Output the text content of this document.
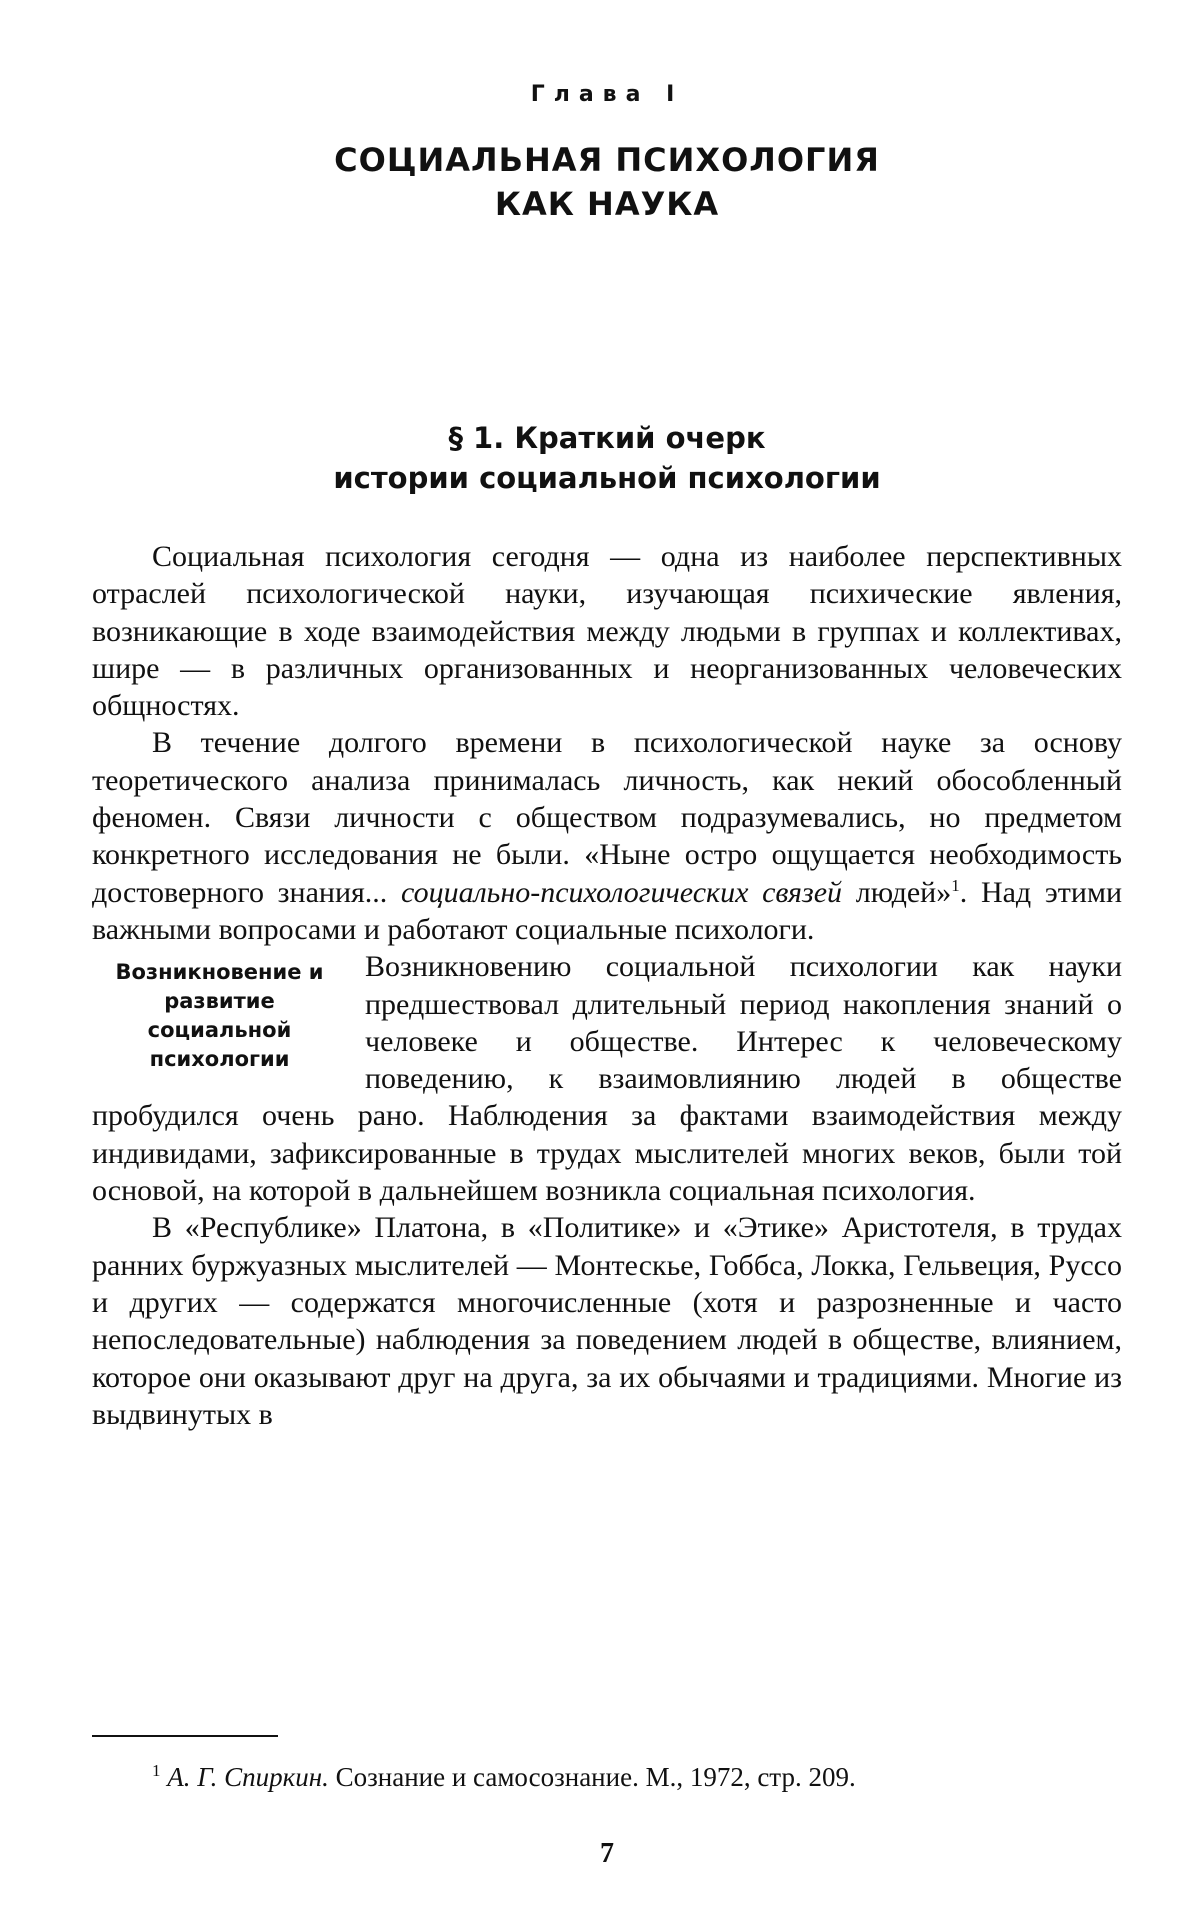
Глава I
СОЦИАЛЬНАЯ ПСИХОЛОГИЯ
КАК НАУКА
§ 1. Краткий очерк
истории социальной психологии

Социальная психология сегодня — одна из наиболее перспективных отраслей психологической науки, изучающая психические явления, возникающие в ходе взаимодействия между людьми в группах и коллективах, шире — в различных организованных и неорганизованных человеческих общностях.

В течение долгого времени в психологической науке за основу теоретического анализа принималась личность, как некий обособленный феномен. Связи личности с обществом подразумевались, но предметом конкретного исследования не были. «Ныне остро ощущается необходимость достоверного знания... социально-психологических связей людей»$^1$. Над этими важными вопросами и работают социальные психологи.

Возникновение и развитие социальной психологии

Возникновению социальной психологии как науки предшествовал длительный период накопления знаний о человеке и обществе. Интерес к человеческому поведению, к взаимовлиянию людей в обществе пробудился очень рано. Наблюдения за фактами взаимодействия между индивидами, зафиксированные в трудах мыслителей многих веков, были той основой, на которой в дальнейшем возникла социальная психология.

В «Республике» Платона, в «Политике» и «Этике» Аристотеля, в трудах ранних буржуазных мыслителей — Монтескье, Гоббса, Локка, Гельвеция, Руссо и других — содержатся многочисленные (хотя и разрозненные и часто непоследовательные) наблюдения за поведением людей в обществе, влиянием, которое они оказывают друг на друга, за их обычаями и традициями. Многие из выдвинутых в

$^1$ А. Г. Спиркин. Сознание и самосознание. М., 1972, стр. 209.
7
